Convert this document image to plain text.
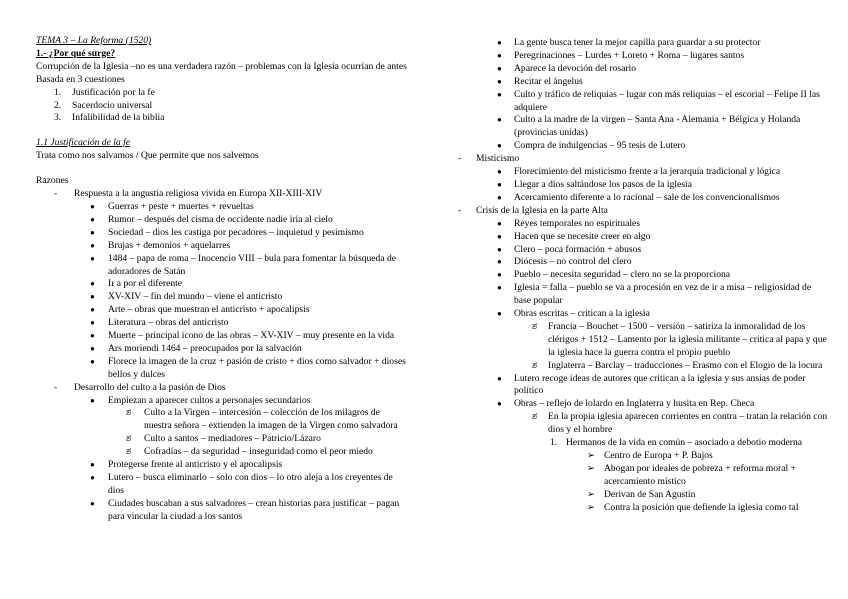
TEMA 3 – La Reforma (1520)

1.- ¿Por qué surge?

Corrupción de la Iglesia –no es una verdadera razón – problemas con la Iglesia ocurrían de antes

Basada en 3 cuestiones

1. Justificación por la fe
2. Sacerdocio universal
3. Infalibilidad de la biblia

1.1 Justificación de la fe

Trata como nos salvamos / Que permite que nos salvemos

Razones

- Respuesta a la angustia religiosa vivida en Europa XII-XIII-XIV
● Guerras + peste + muertes + revueltas
● Rumor – después del cisma de occidente nadie iría al cielo
● Sociedad – dios les castiga por pecadores – inquietud y pesimismo
● Brujas + demonios + aquelarres
● 1484 – papa de roma – Inocencio VIII – bula para fomentar la búsqueda de adoradores de Satán
● Ir a por el diferente
● XV-XIV – fin del mundo – viene el anticristo
● Arte – obras que muestran el anticristo + apocalipsis
● Literatura – obras del anticristo
● Muerte – principal icono de las obras – XV-XIV – muy presente en la vida
● Ars moriendi 1464 – preocupados por la salvación
● Florece la imagen de la cruz + pasión de cristo + dios como salvador + dioses bellos y dulces
- Desarrollo del culto a la pasión de Dios
● Empiezan a aparecer cultos a personajes secundarios
ಶ Culto a la Virgen – intercesión – colección de los milagros de nuestra señora – extienden la imagen de la Virgen como salvadora
ಶ Culto a santos – mediadores – Patricio/Lázaro
ಶ Cofradías – da seguridad – inseguridad como el peor miedo
● Protegerse frente al anticristo y el apocalipsis
● Lutero – busca eliminarlo – solo con dios – lo otro aleja a los creyentes de dios
● Ciudades buscaban a sus salvadores – crean historias para justificar – pagan para vincular la ciudad a los santos
● La gente busca tener la mejor capilla para guardar a su protector
● Peregrinaciones – Lurdes + Loreto + Roma – lugares santos
● Aparece la devoción del rosario
● Recitar el ángelus
● Culto y tráfico de reliquias – lugar con más reliquias – el escorial – Felipe II las adquiere
● Culto a la madre de la virgen – Santa Ana - Alemania + Bélgica y Holanda (provincias unidas)
● Compra de indulgencias – 95 tesis de Lutero
- Misticismo
● Florecimiento del misticismo frente a la jerarquía tradicional y lógica
● Llegar a dios saltándose los pasos de la iglesia
● Acercamiento diferente a lo racional – sale de los convencionalismos
- Crisis de la Iglesia en la parte Alta
● Reyes temporales no espirituales
● Hacen que se necesite creer en algo
● Clero – poca formación + abusos
● Diócesis – no control del clero
● Pueblo – necesita seguridad – clero no se la proporciona
● Iglesia = falla – pueblo se va a procesión en vez de ir a misa – religiosidad de base popular
● Obras escritas – critican a la iglesia
ಶ Francia – Bouchet – 1500 – versión – satiriza la inmoralidad de los clérigos + 1512 – Lamento por la iglesia militante – critica al papa y que la iglesia hace la guerra contra el propio pueblo
ಶ Inglaterra – Barclay – traducciones – Erasmo con el Elogio de la locura
● Lutero recoge ideas de autores que critican a la iglesia y sus ansias de poder político
● Obras – reflejo de lolardo en Inglaterra y husita en Rep. Checa
ಶ En la propia iglesia aparecen corrientes en contra – tratan la relación con dios y el hombre
1. Hermanos de la vida en común – asociado a debotio moderna
➢ Centro de Europa + P. Bajos
➢ Abogan por ideales de pobreza + reforma moral + acercamiento místico
➢ Derivan de San Agustín
➢ Contra la posición que defiende la iglesia como tal
